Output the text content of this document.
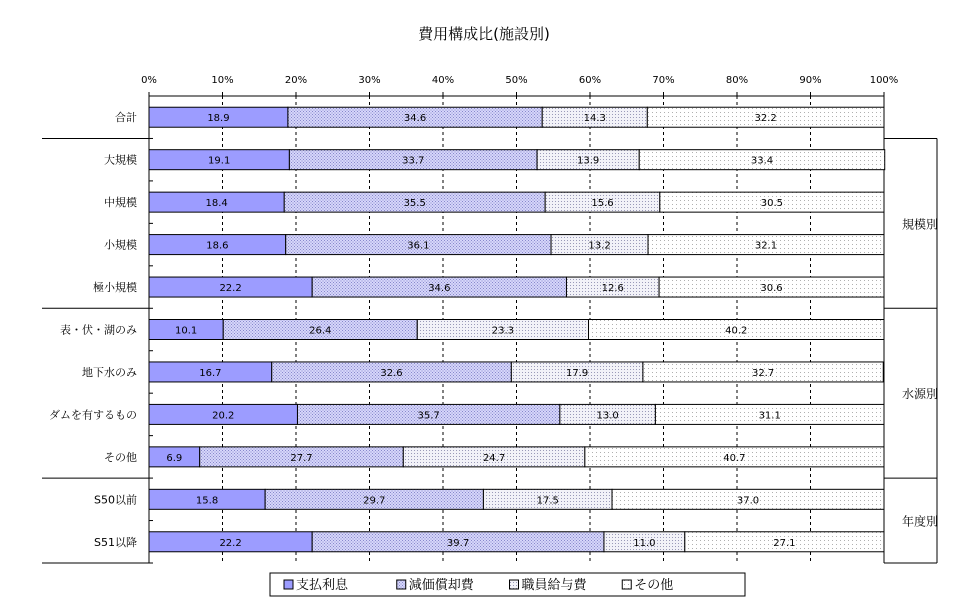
費用構成比(施設別)
0%	10%	20%	30%	40%	50%	60%	70%	80%	90%	100%
18.9	34.6	14.3	32.2
19.1	33.7	13.9	33.4
18.4	35.5	15.6	30.5
18.6	36.1	13.2	32.1
22.2	34.6	12.6	30.6
10.1	26.4	23.3	40.2
16.7	32.6	17.9	32.7
20.2	35.7	13.0	31.1
6.9	27.7	24.7	40.7
15.8	29.7	17.5	37.0
22.2	39.7	11.0	27.1
合計
大規模
中規模
小規模
極小規模
表・伏・湖のみ
地下水のみ
ダムを有するもの
その他
S50以前
S51以降
規模別
水源別
年度別
支払利息	減価償却費	職員給与費	その他
